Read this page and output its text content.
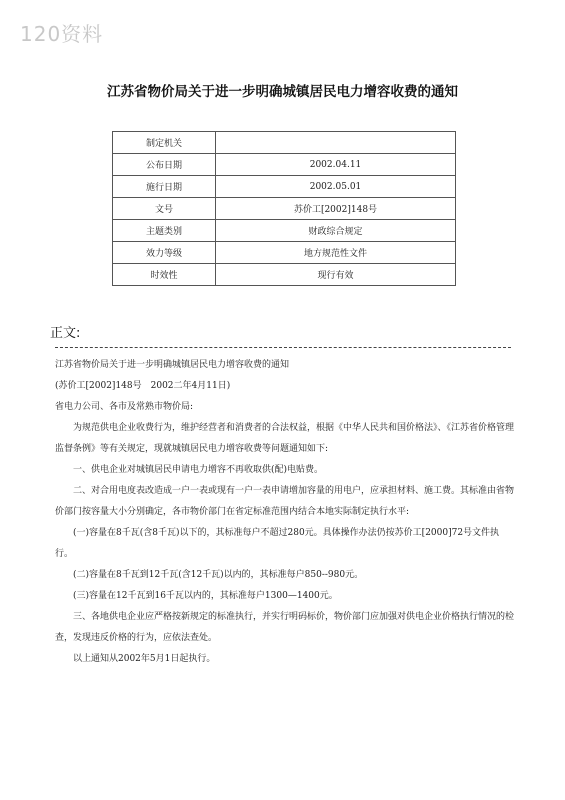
120资料
江苏省物价局关于进一步明确城镇居民电力增容收费的通知
制定机关	
公布日期	2002.04.11
施行日期	2002.05.01
文号	苏价工[2002]148号
主题类别	财政综合规定
效力等级	地方规范性文件
时效性	现行有效
正文:

江苏省物价局关于进一步明确城镇居民电力增容收费的通知

(苏价工[2002]148号　2002二年4月11日)

省电力公司、各市及常熟市物价局:

为规范供电企业收费行为，维护经营者和消费者的合法权益，根据《中华人民共和国价格法》、《江苏省价格管理监督条例》等有关规定，现就城镇居民电力增容收费等问题通知如下:

一、供电企业对城镇居民申请电力增容不再收取供(配)电贴费。

二、对合用电度表改造成一户一表或现有一户一表申请增加容量的用电户，应承担材料、施工费。其标准由省物价部门按容量大小分别确定，各市物价部门在省定标准范围内结合本地实际制定执行水平:

(一)容量在8千瓦(含8千瓦)以下的，其标准每户不超过280元。具体操作办法仍按苏价工[2000]72号文件执行。

(二)容量在8千瓦到12千瓦(含12千瓦)以内的，其标准每户850--980元。

(三)容量在12千瓦到16千瓦以内的，其标准每户1300—1400元。

三、各地供电企业应严格按新规定的标准执行，并实行明码标价，物价部门应加强对供电企业价格执行情况的检查，发现违反价格的行为，应依法查处。

以上通知从2002年5月1日起执行。
